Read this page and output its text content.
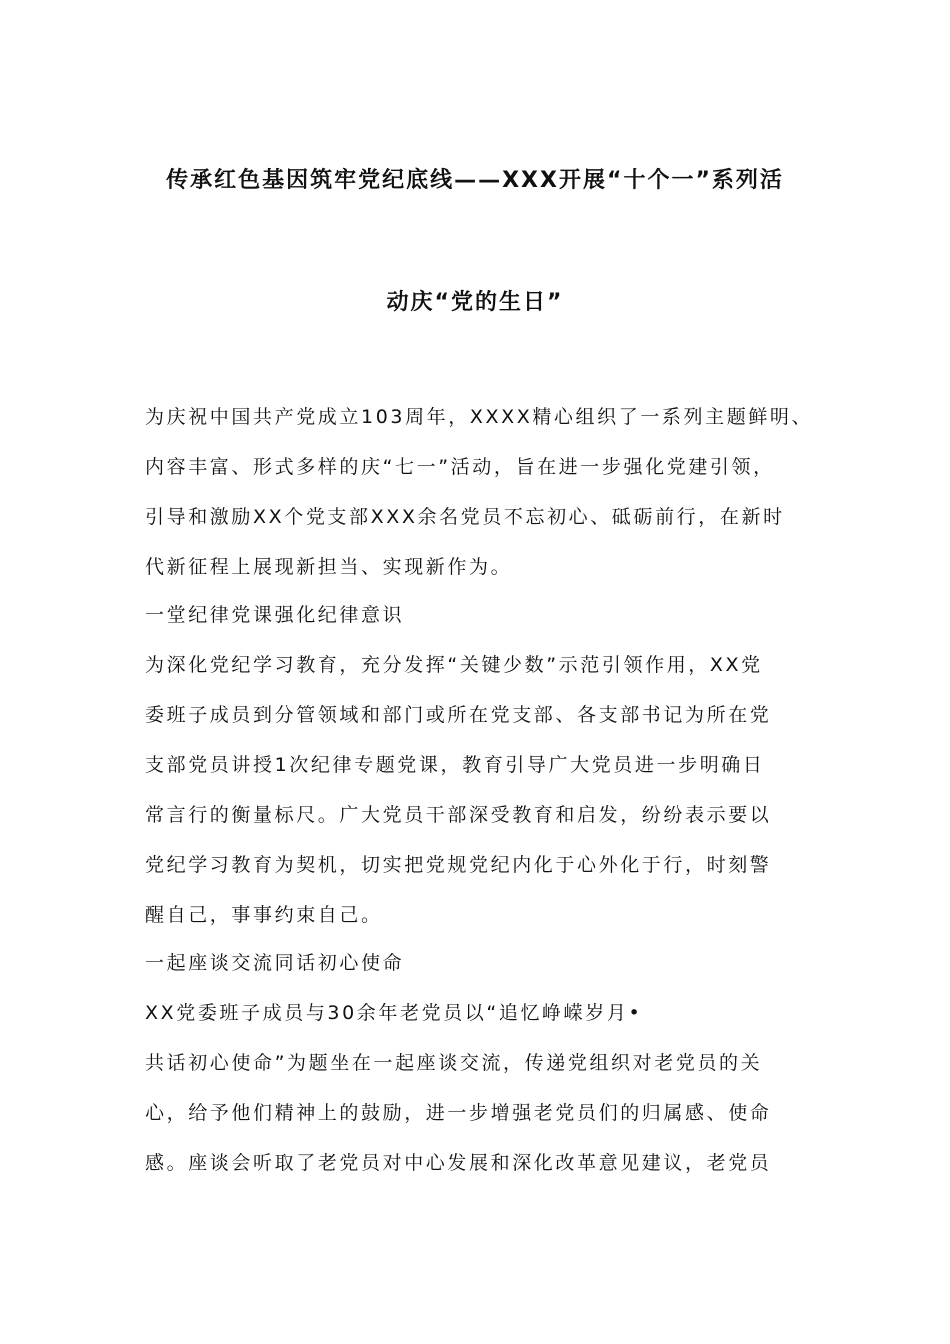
传承红色基因筑牢党纪底线——XXX开展“十个一”系列活
动庆“党的生日”
为庆祝中国共产党成立103周年，XXXX精心组织了一系列主题鲜明、
内容丰富、形式多样的庆“七一”活动，旨在进一步强化党建引领，
引导和激励XX个党支部XXX余名党员不忘初心、砥砺前行，在新时
代新征程上展现新担当、实现新作为。
一堂纪律党课强化纪律意识
为深化党纪学习教育，充分发挥“关键少数”示范引领作用，XX党
委班子成员到分管领域和部门或所在党支部、各支部书记为所在党
支部党员讲授1次纪律专题党课，教育引导广大党员进一步明确日
常言行的衡量标尺。广大党员干部深受教育和启发，纷纷表示要以
党纪学习教育为契机，切实把党规党纪内化于心外化于行，时刻警
醒自己，事事约束自己。
一起座谈交流同话初心使命
XX党委班子成员与30余年老党员以“追忆峥嵘岁月•
共话初心使命”为题坐在一起座谈交流，传递党组织对老党员的关
心，给予他们精神上的鼓励，进一步增强老党员们的归属感、使命
感。座谈会听取了老党员对中心发展和深化改革意见建议，老党员
